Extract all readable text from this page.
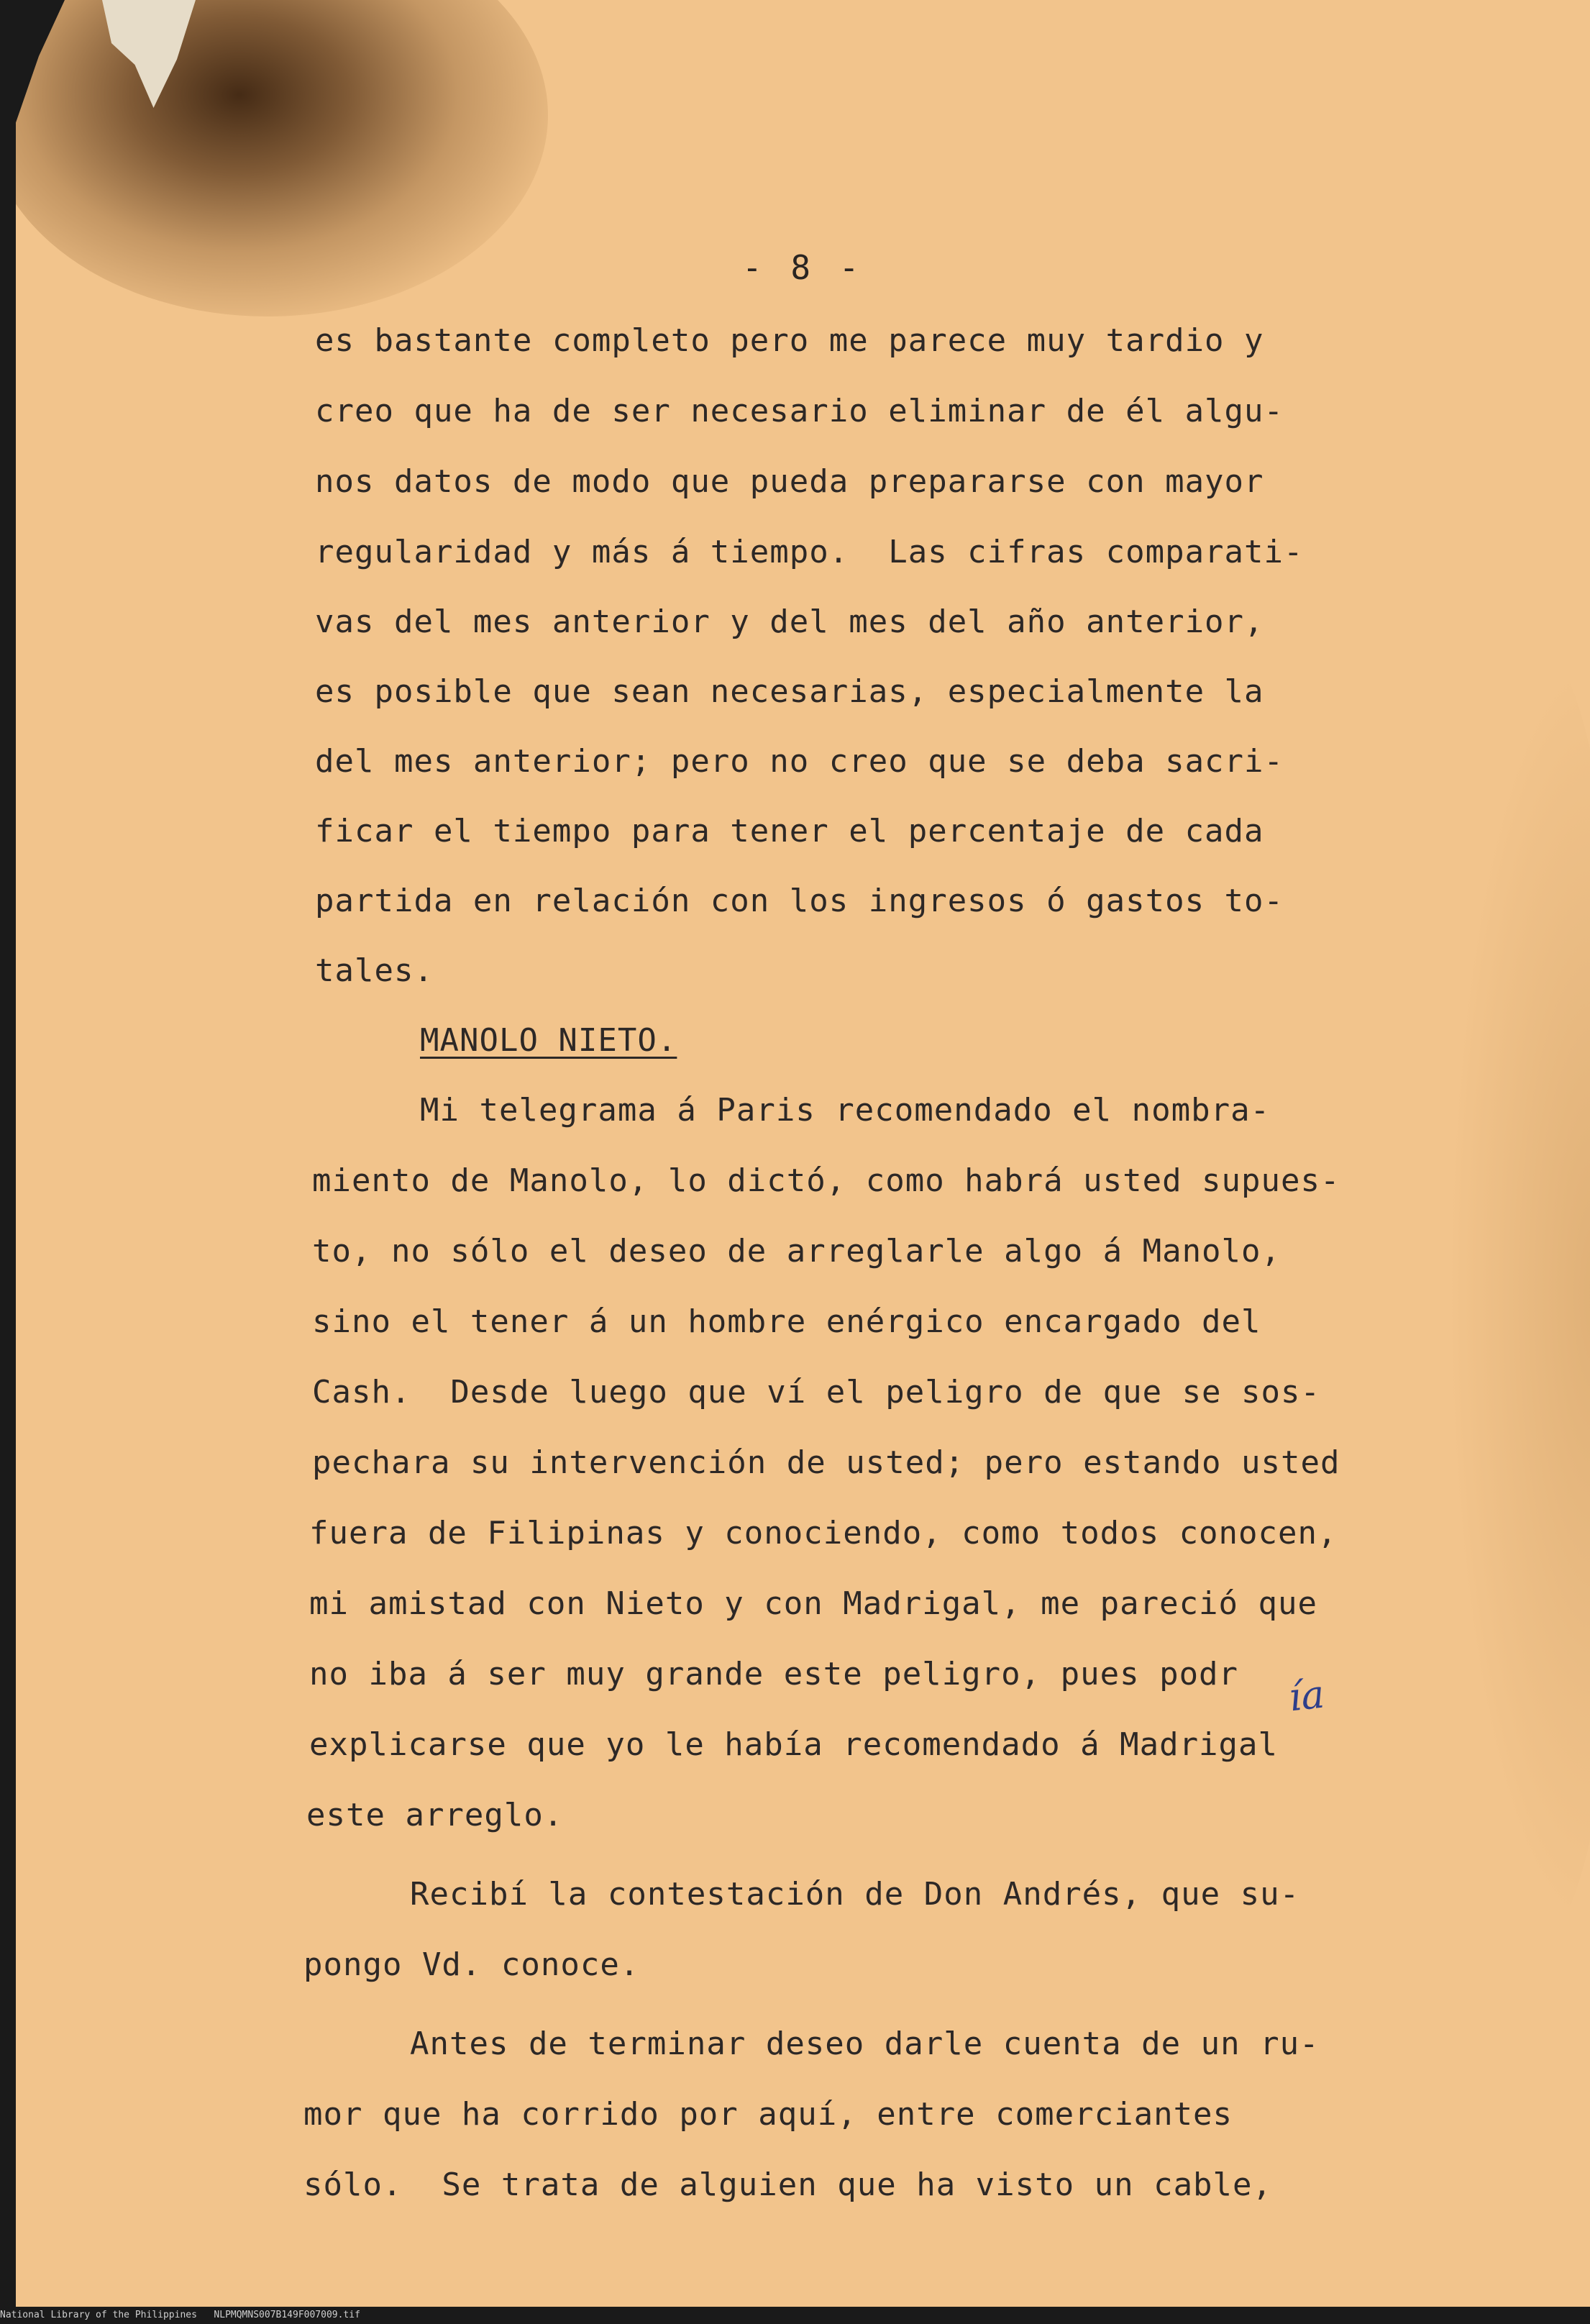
- 8 -
es bastante completo pero me parece muy tardio y
creo que ha de ser necesario eliminar de él algu-
nos datos de modo que pueda prepararse con mayor
regularidad y más á tiempo.  Las cifras comparati-
vas del mes anterior y del mes del año anterior,
es posible que sean necesarias, especialmente la
del mes anterior; pero no creo que se deba sacri-
ficar el tiempo para tener el percentaje de cada
partida en relación con los ingresos ó gastos to-
tales.
MANOLO NIETO.
Mi telegrama á Paris recomendado el nombra-
miento de Manolo, lo dictó, como habrá usted supues-
to, no sólo el deseo de arreglarle algo á Manolo,
sino el tener á un hombre enérgico encargado del
Cash.  Desde luego que ví el peligro de que se sos-
pechara su intervención de usted; pero estando usted
fuera de Filipinas y conociendo, como todos conocen,
mi amistad con Nieto y con Madrigal, me pareció que
no iba á ser muy grande este peligro, pues podr
explicarse que yo le había recomendado á Madrigal
este arreglo.
Recibí la contestación de Don Andrés, que su-
pongo Vd. conoce.
Antes de terminar deseo darle cuenta de un ru-
mor que ha corrido por aquí, entre comerciantes
sólo.  Se trata de alguien que ha visto un cable,
ía
National Library of the Philippines NLPMQMNS007B149F007009.tif
